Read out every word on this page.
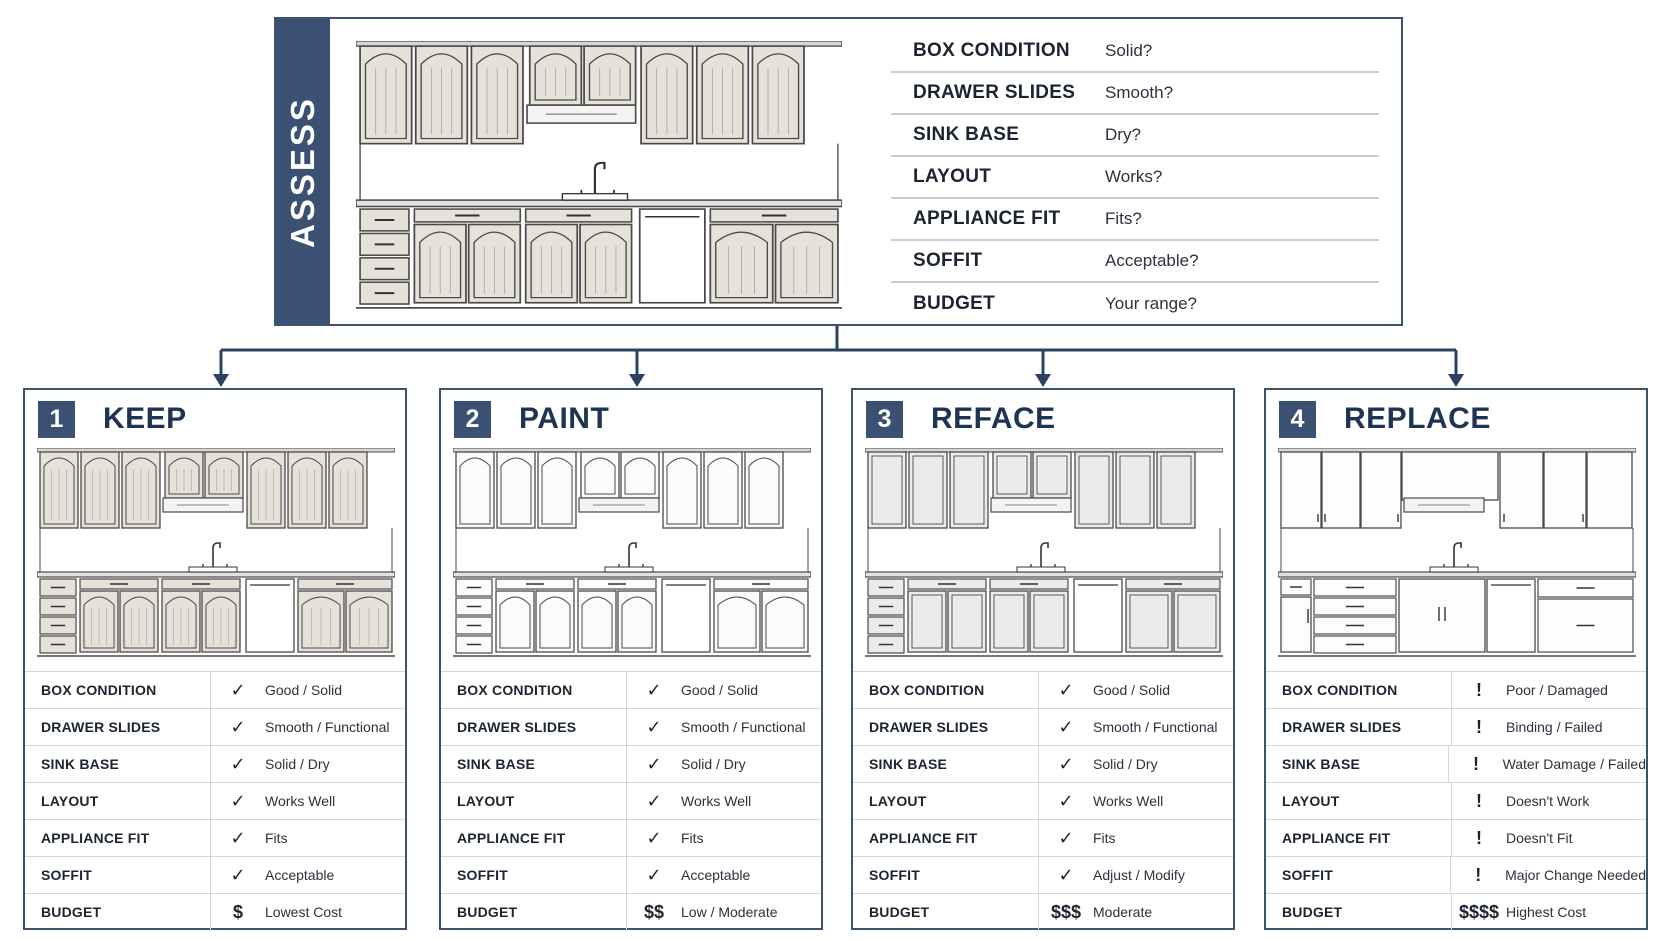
ASSESS
BOX CONDITION	Solid?
DRAWER SLIDES	Smooth?
SINK BASE	Dry?
LAYOUT	Works?
APPLIANCE FIT	Fits?
SOFFIT	Acceptable?
BUDGET	Your range?
1	KEEP
BOX CONDITION	✓	Good / Solid
DRAWER SLIDES	✓	Smooth / Functional
SINK BASE	✓	Solid / Dry
LAYOUT	✓	Works Well
APPLIANCE FIT	✓	Fits
SOFFIT	✓	Acceptable
BUDGET	$	Lowest Cost
2	PAINT
BOX CONDITION	✓	Good / Solid
DRAWER SLIDES	✓	Smooth / Functional
SINK BASE	✓	Solid / Dry
LAYOUT	✓	Works Well
APPLIANCE FIT	✓	Fits
SOFFIT	✓	Acceptable
BUDGET	$$	Low / Moderate
3	REFACE
BOX CONDITION	✓	Good / Solid
DRAWER SLIDES	✓	Smooth / Functional
SINK BASE	✓	Solid / Dry
LAYOUT	✓	Works Well
APPLIANCE FIT	✓	Fits
SOFFIT	✓	Adjust / Modify
BUDGET	$$$ Moderate
4	REPLACE
BOX CONDITION	!	Poor / Damaged
DRAWER SLIDES	!	Binding / Failed
SINK BASE	!	Water Damage / Failed
LAYOUT	!	Doesn't Work
APPLIANCE FIT	!	Doesn't Fit
SOFFIT	!	Major Change Needed
BUDGET	$$$$ Highest Cost
